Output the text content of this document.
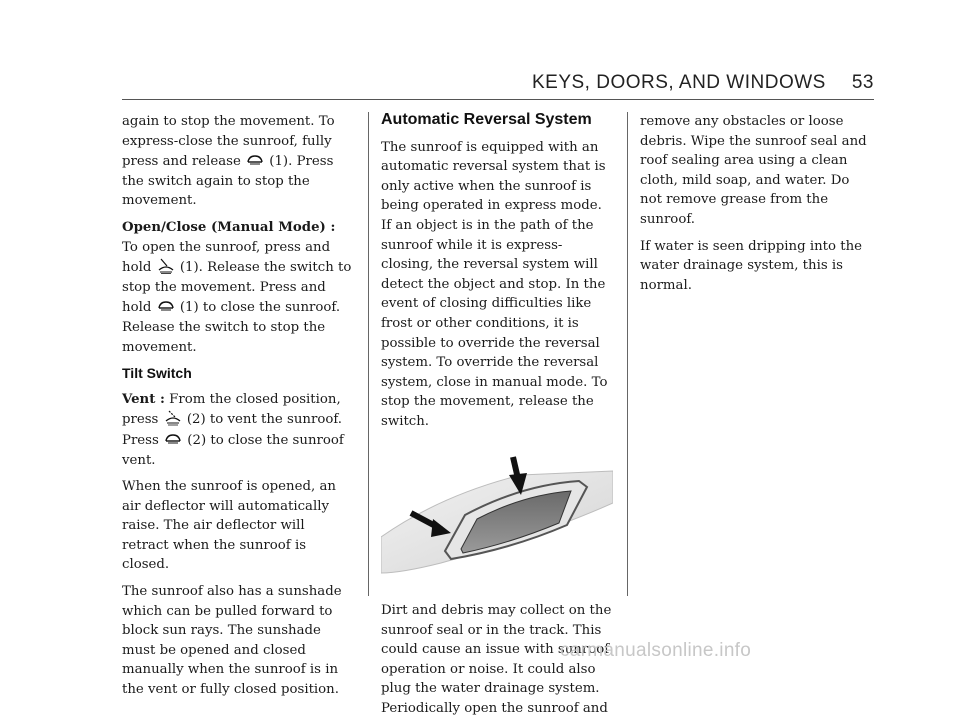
KEYS, DOORS, AND WINDOWS 53

again to stop the movement. To express-close the sunroof, fully press and release (1). Press the switch again to stop the movement.

Open/Close (Manual Mode) : To open the sunroof, press and hold (1). Release the switch to stop the movement. Press and hold (1) to close the sunroof. Release the switch to stop the movement.

Tilt Switch

Vent : From the closed position, press (2) to vent the sunroof. Press (2) to close the sunroof vent.

When the sunroof is opened, an air deflector will automatically raise. The air deflector will retract when the sunroof is closed.

The sunroof also has a sunshade which can be pulled forward to block sun rays. The sunshade must be opened and closed manually when the sunroof is in the vent or fully closed position.

Automatic Reversal System

The sunroof is equipped with an automatic reversal system that is only active when the sunroof is being operated in express mode. If an object is in the path of the sunroof while it is express-closing, the reversal system will detect the object and stop. In the event of closing difficulties like frost or other conditions, it is possible to override the reversal system. To override the reversal system, close in manual mode. To stop the movement, release the switch.

Dirt and debris may collect on the sunroof seal or in the track. This could cause an issue with sunroof operation or noise. It could also plug the water drainage system. Periodically open the sunroof and

remove any obstacles or loose debris. Wipe the sunroof seal and roof sealing area using a clean cloth, mild soap, and water. Do not remove grease from the sunroof.

If water is seen dripping into the water drainage system, this is normal.

carmanualsonline.info
